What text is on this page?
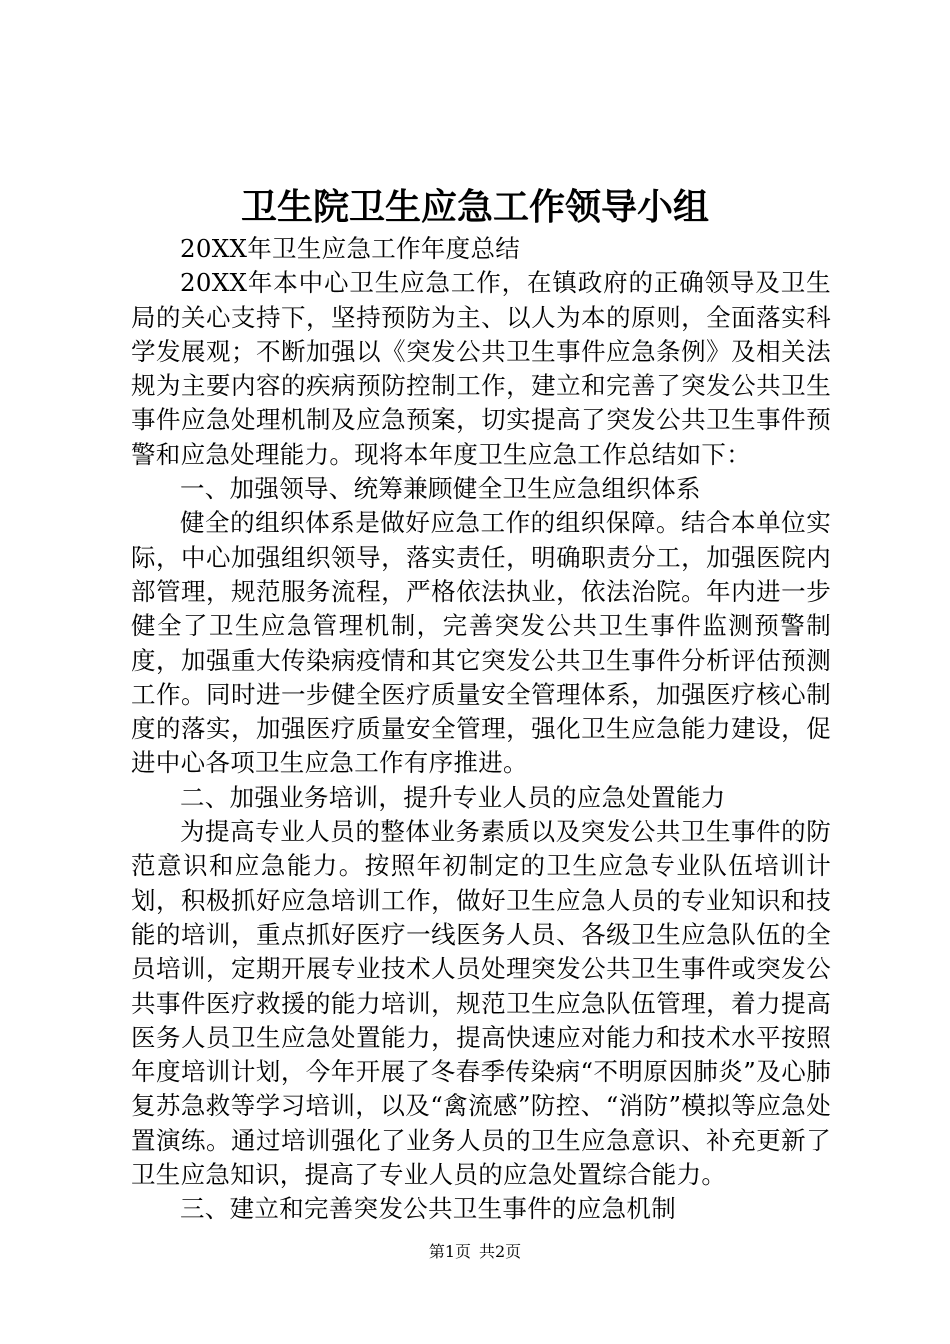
卫生院卫生应急工作领导小组

20XX年卫生应急工作年度总结

20XX年本中心卫生应急工作，在镇政府的正确领导及卫生局的关心支持下，坚持预防为主、以人为本的原则，全面落实科学发展观；不断加强以《突发公共卫生事件应急条例》及相关法规为主要内容的疾病预防控制工作，建立和完善了突发公共卫生事件应急处理机制及应急预案，切实提高了突发公共卫生事件预警和应急处理能力。现将本年度卫生应急工作总结如下：

一、加强领导、统筹兼顾健全卫生应急组织体系

健全的组织体系是做好应急工作的组织保障。结合本单位实际，中心加强组织领导，落实责任，明确职责分工，加强医院内部管理，规范服务流程，严格依法执业，依法治院。年内进一步健全了卫生应急管理机制，完善突发公共卫生事件监测预警制度，加强重大传染病疫情和其它突发公共卫生事件分析评估预测工作。同时进一步健全医疗质量安全管理体系，加强医疗核心制度的落实，加强医疗质量安全管理，强化卫生应急能力建设，促进中心各项卫生应急工作有序推进。

二、加强业务培训，提升专业人员的应急处置能力

为提高专业人员的整体业务素质以及突发公共卫生事件的防范意识和应急能力。按照年初制定的卫生应急专业队伍培训计划，积极抓好应急培训工作，做好卫生应急人员的专业知识和技能的培训，重点抓好医疗一线医务人员、各级卫生应急队伍的全员培训，定期开展专业技术人员处理突发公共卫生事件或突发公共事件医疗救援的能力培训，规范卫生应急队伍管理，着力提高医务人员卫生应急处置能力，提高快速应对能力和技术水平按照年度培训计划，今年开展了冬春季传染病“不明原因肺炎”及心肺复苏急救等学习培训，以及“禽流感”防控、“消防”模拟等应急处置演练。通过培训强化了业务人员的卫生应急意识、补充更新了卫生应急知识，提高了专业人员的应急处置综合能力。

三、建立和完善突发公共卫生事件的应急机制

第1页 共2页
